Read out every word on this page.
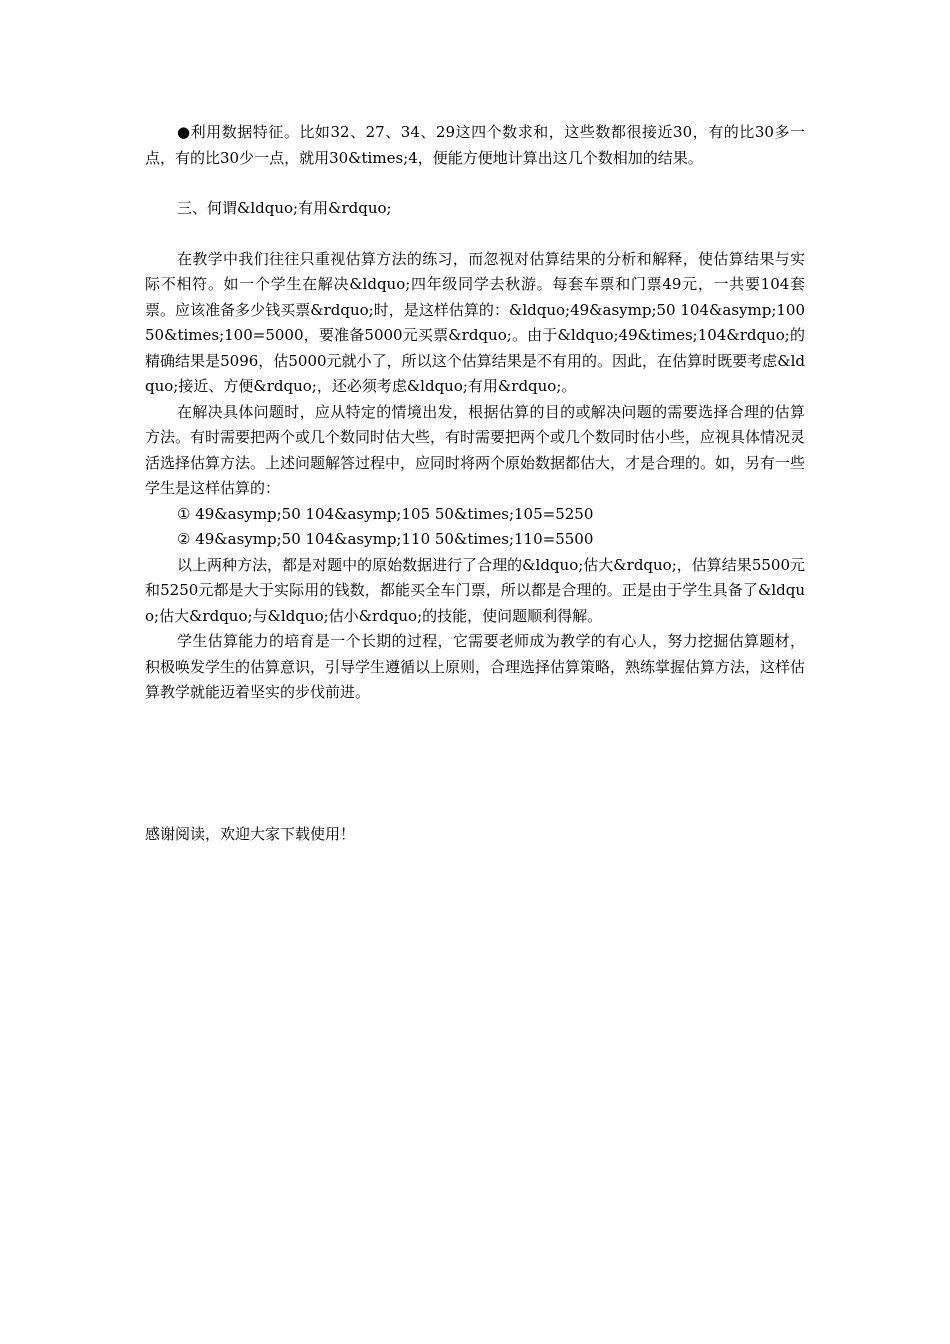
●利用数据特征。比如32、27、34、29这四个数求和，这些数都很接近30，有的比30多一点，有的比30少一点，就用30&times;4，便能方便地计算出这几个数相加的结果。

三、何谓&ldquo;有用&rdquo;

在教学中我们往往只重视估算方法的练习，而忽视对估算结果的分析和解释，使估算结果与实际不相符。如一个学生在解决&ldquo;四年级同学去秋游。每套车票和门票49元，一共要104套票。应该准备多少钱买票&rdquo;时，是这样估算的：&ldquo;49&asymp;50 104&asymp;100 50&times;100=5000，要准备5000元买票&rdquo;。由于&ldquo;49&times;104&rdquo;的精确结果是5096，估5000元就小了，所以这个估算结果是不有用的。因此，在估算时既要考虑&ldquo;接近、方便&rdquo;，还必须考虑&ldquo;有用&rdquo;。

在解决具体问题时，应从特定的情境出发，根据估算的目的或解决问题的需要选择合理的估算方法。有时需要把两个或几个数同时估大些，有时需要把两个或几个数同时估小些，应视具体情况灵活选择估算方法。上述问题解答过程中，应同时将两个原始数据都估大，才是合理的。如，另有一些学生是这样估算的：

① 49&asymp;50 104&asymp;105 50&times;105=5250

② 49&asymp;50 104&asymp;110 50&times;110=5500

以上两种方法，都是对题中的原始数据进行了合理的&ldquo;估大&rdquo;，估算结果5500元和5250元都是大于实际用的钱数，都能买全车门票，所以都是合理的。正是由于学生具备了&ldquo;估大&rdquo;与&ldquo;估小&rdquo;的技能，使问题顺利得解。

学生估算能力的培育是一个长期的过程，它需要老师成为教学的有心人，努力挖掘估算题材，积极唤发学生的估算意识，引导学生遵循以上原则，合理选择估算策略，熟练掌握估算方法，这样估算教学就能迈着坚实的步伐前进。

感谢阅读，欢迎大家下载使用！
